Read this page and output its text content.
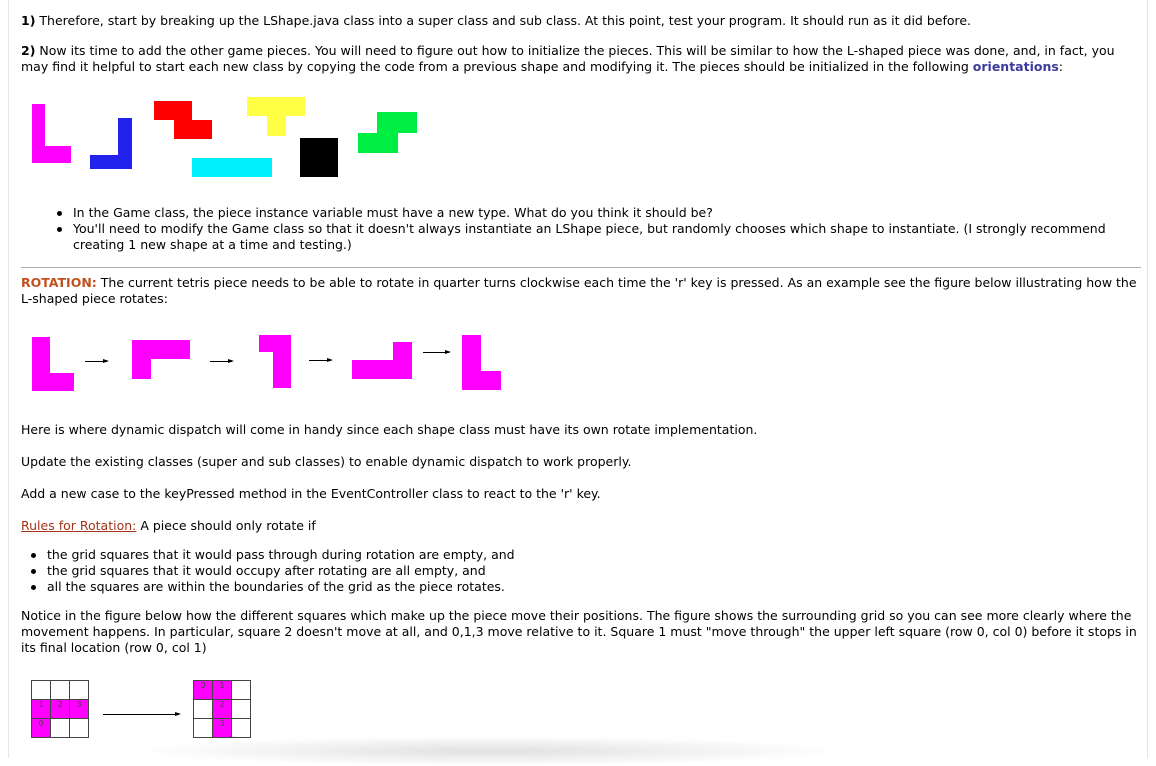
1) Therefore, start by breaking up the LShape.java class into a super class and sub class. At this point, test your program. It should run as it did before.

2) Now its time to add the other game pieces. You will need to figure out how to initialize the pieces. This will be similar to how the L-shaped piece was done, and, in fact, you may find it helpful to start each new class by copying the code from a previous shape and modifying it. The pieces should be initialized in the following orientations:

In the Game class, the piece instance variable must have a new type. What do you think it should be?
You'll need to modify the Game class so that it doesn't always instantiate an LShape piece, but randomly chooses which shape to instantiate. (I strongly recommend creating 1 new shape at a time and testing.)

ROTATION: The current tetris piece needs to be able to rotate in quarter turns clockwise each time the 'r' key is pressed. As an example see the figure below illustrating how the L-shaped piece rotates:

Here is where dynamic dispatch will come in handy since each shape class must have its own rotate implementation.

Update the existing classes (super and sub classes) to enable dynamic dispatch to work properly.

Add a new case to the keyPressed method in the EventController class to react to the 'r' key.

Rules for Rotation: A piece should only rotate if

the grid squares that it would pass through during rotation are empty, and
the grid squares that it would occupy after rotating are all empty, and
all the squares are within the boundaries of the grid as the piece rotates.

Notice in the figure below how the different squares which make up the piece move their positions. The figure shows the surrounding grid so you can see more clearly where the movement happens. In particular, square 2 doesn't move at all, and 0,1,3 move relative to it. Square 1 must "move through" the upper left square (row 0, col 0) before it stops in its final location (row 0, col 1)

1	2	3
0		
0	1	
	2	
	3	
